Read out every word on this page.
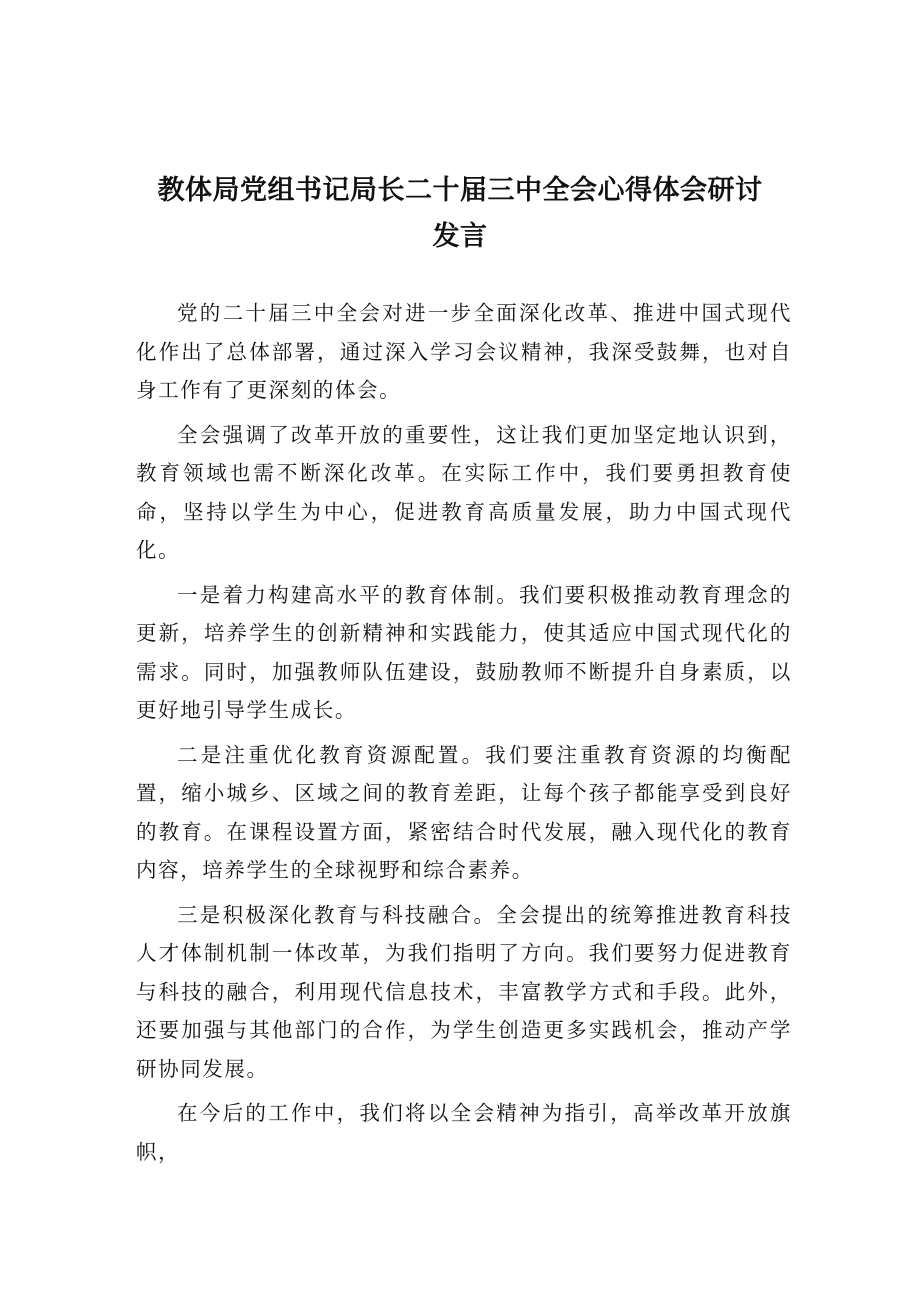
教体局党组书记局长二十届三中全会心得体会研讨发言

党的二十届三中全会对进一步全面深化改革、推进中国式现代化作出了总体部署，通过深入学习会议精神，我深受鼓舞，也对自身工作有了更深刻的体会。

全会强调了改革开放的重要性，这让我们更加坚定地认识到，教育领域也需不断深化改革。在实际工作中，我们要勇担教育使命，坚持以学生为中心，促进教育高质量发展，助力中国式现代化。

一是着力构建高水平的教育体制。我们要积极推动教育理念的更新，培养学生的创新精神和实践能力，使其适应中国式现代化的需求。同时，加强教师队伍建设，鼓励教师不断提升自身素质，以更好地引导学生成长。

二是注重优化教育资源配置。我们要注重教育资源的均衡配置，缩小城乡、区域之间的教育差距，让每个孩子都能享受到良好的教育。在课程设置方面，紧密结合时代发展，融入现代化的教育内容，培养学生的全球视野和综合素养。

三是积极深化教育与科技融合。全会提出的统筹推进教育科技人才体制机制一体改革，为我们指明了方向。我们要努力促进教育与科技的融合，利用现代信息技术，丰富教学方式和手段。此外，还要加强与其他部门的合作，为学生创造更多实践机会，推动产学研协同发展。

在今后的工作中，我们将以全会精神为指引，高举改革开放旗帜，
